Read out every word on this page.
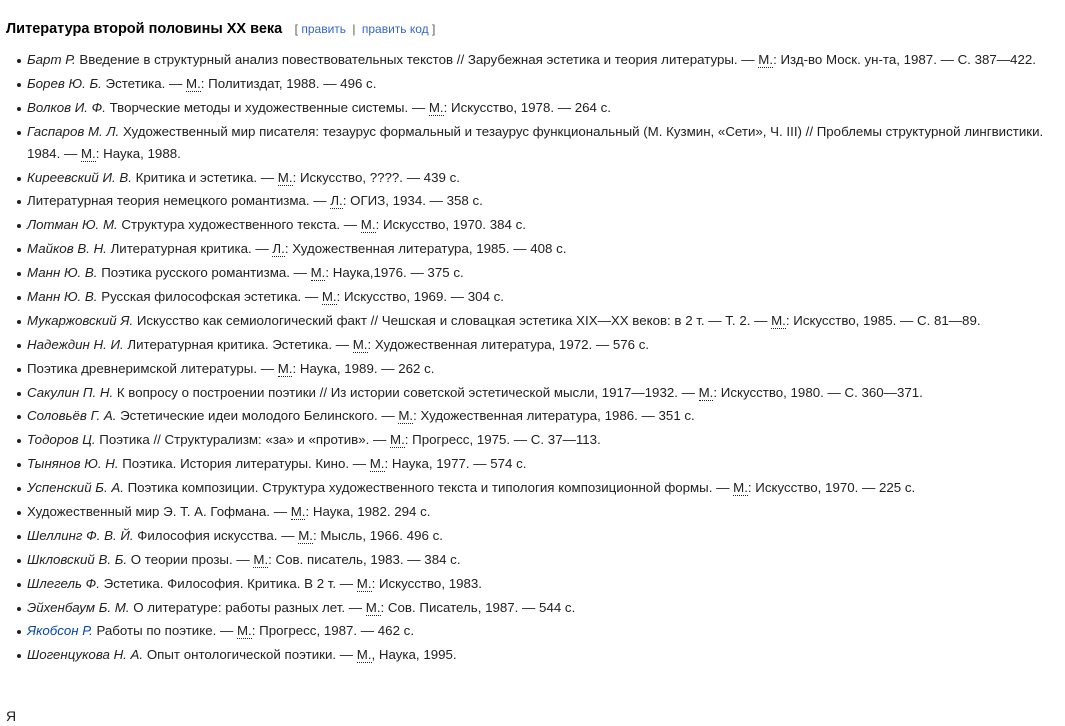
Литература второй половины XX века [ править | править код ]
Барт Р. Введение в структурный анализ повествовательных текстов // Зарубежная эстетика и теория литературы. — М.: Изд-во Моск. ун-та, 1987. — С. 387—422.
Борев Ю. Б. Эстетика. — М.: Политиздат, 1988. — 496 с.
Волков И. Ф. Творческие методы и художественные системы. — М.: Искусство, 1978. — 264 с.
Гаспаров М. Л. Художественный мир писателя: тезаурус формальный и тезаурус функциональный (М. Кузмин, «Сети», Ч. III) // Проблемы структурной лингвистики. 1984. — М.: Наука, 1988.
Киреевский И. В. Критика и эстетика. — М.: Искусство, ????. — 439 с.
Литературная теория немецкого романтизма. — Л.: ОГИЗ, 1934. — 358 с.
Лотман Ю. М. Структура художественного текста. — М.: Искусство, 1970. 384 с.
Майков В. Н. Литературная критика. — Л.: Художественная литература, 1985. — 408 с.
Манн Ю. В. Поэтика русского романтизма. — М.: Наука,1976. — 375 с.
Манн Ю. В. Русская философская эстетика. — М.: Искусство, 1969. — 304 с.
Мукаржовский Я. Искусство как семиологический факт // Чешская и словацкая эстетика XIX—XX веков: в 2 т. — Т. 2. — М.: Искусство, 1985. — С. 81—89.
Надеждин Н. И. Литературная критика. Эстетика. — М.: Художественная литература, 1972. — 576 с.
Поэтика древнеримской литературы. — М.: Наука, 1989. — 262 с.
Сакулин П. Н. К вопросу о построении поэтики // Из истории советской эстетической мысли, 1917—1932. — М.: Искусство, 1980. — С. 360—371.
Соловьёв Г. А. Эстетические идеи молодого Белинского. — М.: Художественная литература, 1986. — 351 с.
Тодоров Ц. Поэтика // Структурализм: «за» и «против». — М.: Прогресс, 1975. — С. 37—113.
Тынянов Ю. Н. Поэтика. История литературы. Кино. — М.: Наука, 1977. — 574 с.
Успенский Б. А. Поэтика композиции. Структура художественного текста и типология композиционной формы. — М.: Искусство, 1970. — 225 с.
Художественный мир Э. Т. А. Гофмана. — М.: Наука, 1982. 294 с.
Шеллинг Ф. В. Й. Философия искусства. — М.: Мысль, 1966. 496 с.
Шкловский В. Б. О теории прозы. — М.: Сов. писатель, 1983. — 384 с.
Шлегель Ф. Эстетика. Философия. Критика. В 2 т. — М.: Искусство, 1983.
Эйхенбаум Б. М. О литературе: работы разных лет. — М.: Сов. Писатель, 1987. — 544 с.
Якобсон Р. Работы по поэтике. — М.: Прогресс, 1987. — 462 с.
Шогенцукова Н. А. Опыт онтологической поэтики. — М., Наука, 1995.
Я
